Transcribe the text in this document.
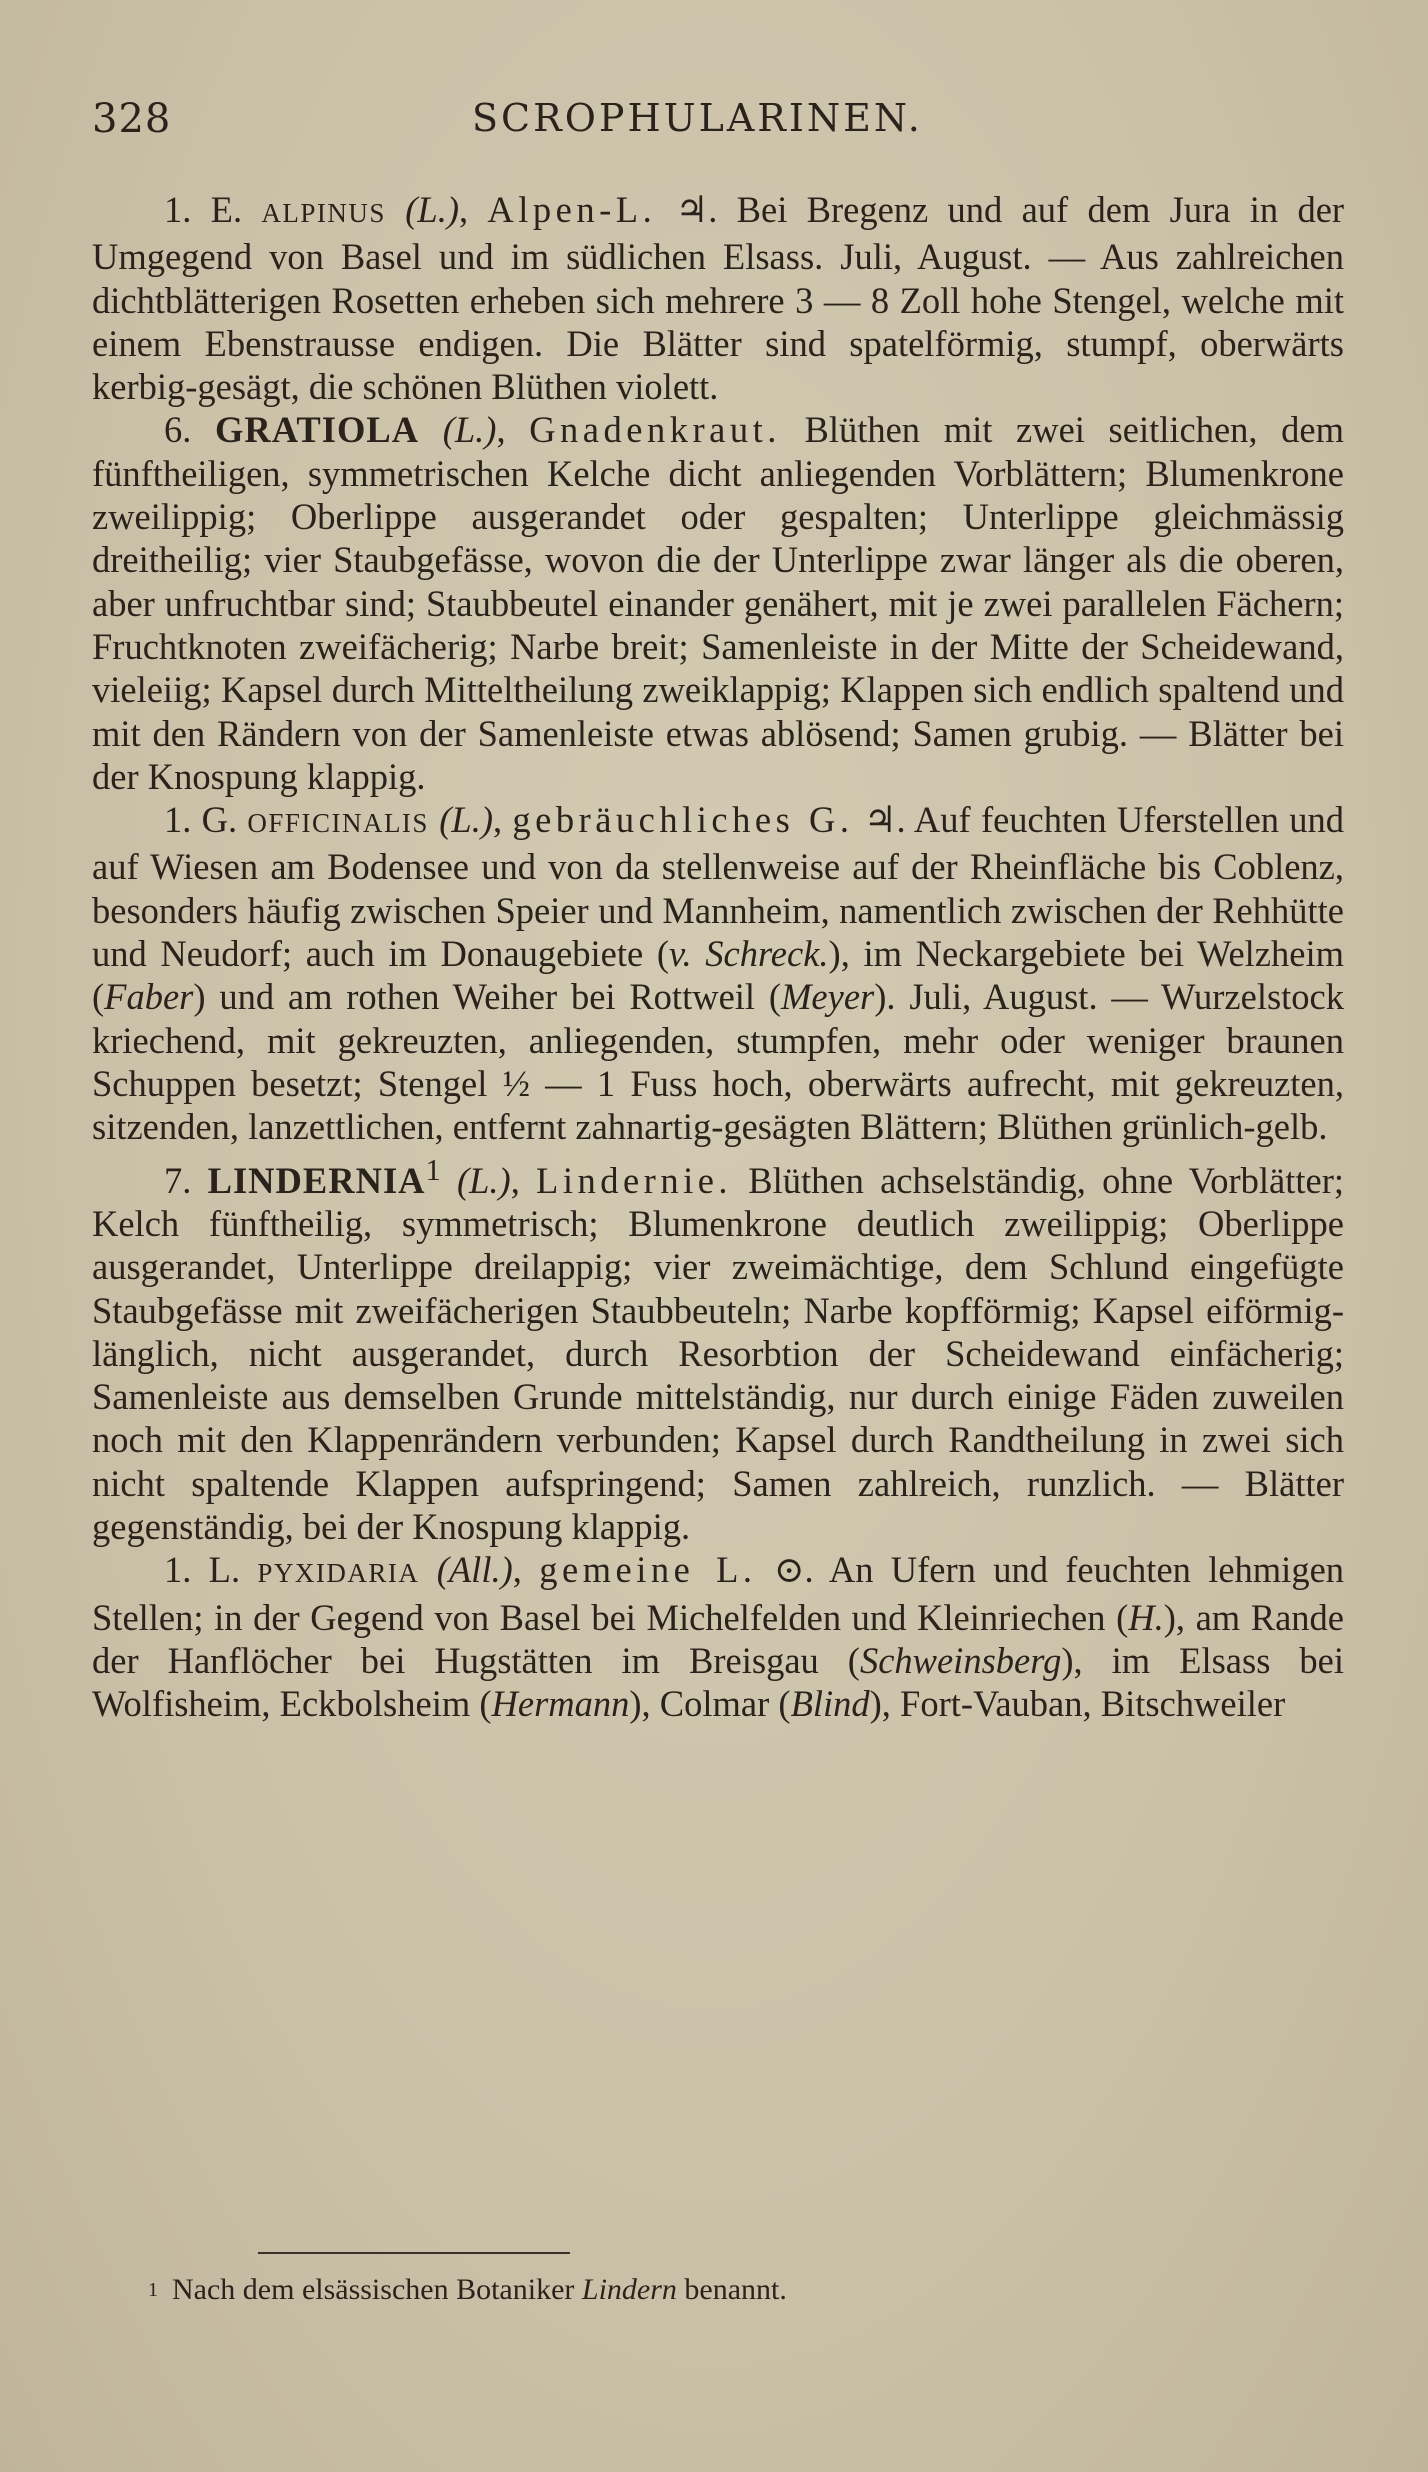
328	SCROPHULARINEN.

1. E. ALPINUS (L.), Alpen-L. ♃. Bei Bregenz und auf dem Jura in der Umgegend von Basel und im südlichen Elsass. Juli, August. — Aus zahlreichen dichtblätterigen Rosetten erheben sich mehrere 3 — 8 Zoll hohe Stengel, welche mit einem Ebenstrausse endigen. Die Blätter sind spatelförmig, stumpf, oberwärts kerbig-gesägt, die schönen Blüthen violett.

6. GRATIOLA (L.), Gnadenkraut. Blüthen mit zwei seitlichen, dem fünftheiligen, symmetrischen Kelche dicht anliegenden Vorblättern; Blumenkrone zweilippig; Oberlippe ausgerandet oder gespalten; Unterlippe gleichmässig dreitheilig; vier Staubgefässe, wovon die der Unterlippe zwar länger als die oberen, aber unfruchtbar sind; Staubbeutel einander genähert, mit je zwei parallelen Fächern; Fruchtknoten zweifächerig; Narbe breit; Samenleiste in der Mitte der Scheidewand, vieleiig; Kapsel durch Mitteltheilung zweiklappig; Klappen sich endlich spaltend und mit den Rändern von der Samenleiste etwas ablösend; Samen grubig. — Blätter bei der Knospung klappig.

1. G. OFFICINALIS (L.), gebräuchliches G. ♃. Auf feuchten Uferstellen und auf Wiesen am Bodensee und von da stellenweise auf der Rheinfläche bis Coblenz, besonders häufig zwischen Speier und Mannheim, namentlich zwischen der Rehhütte und Neudorf; auch im Donaugebiete (v. Schreck.), im Neckargebiete bei Welzheim (Faber) und am rothen Weiher bei Rottweil (Meyer). Juli, August. — Wurzelstock kriechend, mit gekreuzten, anliegenden, stumpfen, mehr oder weniger braunen Schuppen besetzt; Stengel ½ — 1 Fuss hoch, oberwärts aufrecht, mit gekreuzten, sitzenden, lanzettlichen, entfernt zahnartig-gesägten Blättern; Blüthen grünlich-gelb.

7. LINDERNIA$^1$ (L.), Lindernie. Blüthen achselständig, ohne Vorblätter; Kelch fünftheilig, symmetrisch; Blumenkrone deutlich zweilippig; Oberlippe ausgerandet, Unterlippe dreilappig; vier zweimächtige, dem Schlund eingefügte Staubgefässe mit zweifächerigen Staubbeuteln; Narbe kopfförmig; Kapsel eiförmig-länglich, nicht ausgerandet, durch Resorbtion der Scheidewand einfächerig; Samenleiste aus demselben Grunde mittelständig, nur durch einige Fäden zuweilen noch mit den Klappenrändern verbunden; Kapsel durch Randtheilung in zwei sich nicht spaltende Klappen aufspringend; Samen zahlreich, runzlich. — Blätter gegenständig, bei der Knospung klappig.

1. L. PYXIDARIA (All.), gemeine L. ⊙. An Ufern und feuchten lehmigen Stellen; in der Gegend von Basel bei Michelfelden und Kleinriechen (H.), am Rande der Hanflöcher bei Hugstätten im Breisgau (Schweinsberg), im Elsass bei Wolfisheim, Eckbolsheim (Hermann), Colmar (Blind), Fort-Vauban, Bitschweiler

$^1$ Nach dem elsässischen Botaniker Lindern benannt.
